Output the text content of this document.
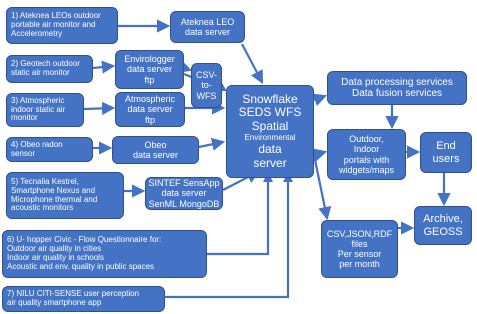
1) Ateknea LEOs outdoor
portable air monitor and
Accelerometry
2) Geotech outdoor
static air monitor
3) Atmospheric
indoor static air
monitor
4) Obeo radon
sensor
5) Tecnalia Kestrel,
Smartphone Nexus and
Microphone thermal and
acoustic monitors
6) U- hopper Civic - Flow Questionnaire for:
Outdoor air quality in cities
Indoor air quality in schools
Acoustic and env. quality in public spaces
7) NILU CITI-SENSE user perception
air quality smartphone app
Ateknea LEO
data server
Envirologger
data server
ftp	CSV-
to-
WFS
Atmospheric
data server
ftp
Obeo
data server
SINTEF SensApp
data server
SenML MongoDB
Snowflake
SEDS WFS
Spatial
Environmental
data
server
Data processing services
Data fusion services
Outdoor,
Indoor
portals with
widgets/maps
End
users
CSV,JSON,RDF
files
Per sensor
per month
Archive,
GEOSS
